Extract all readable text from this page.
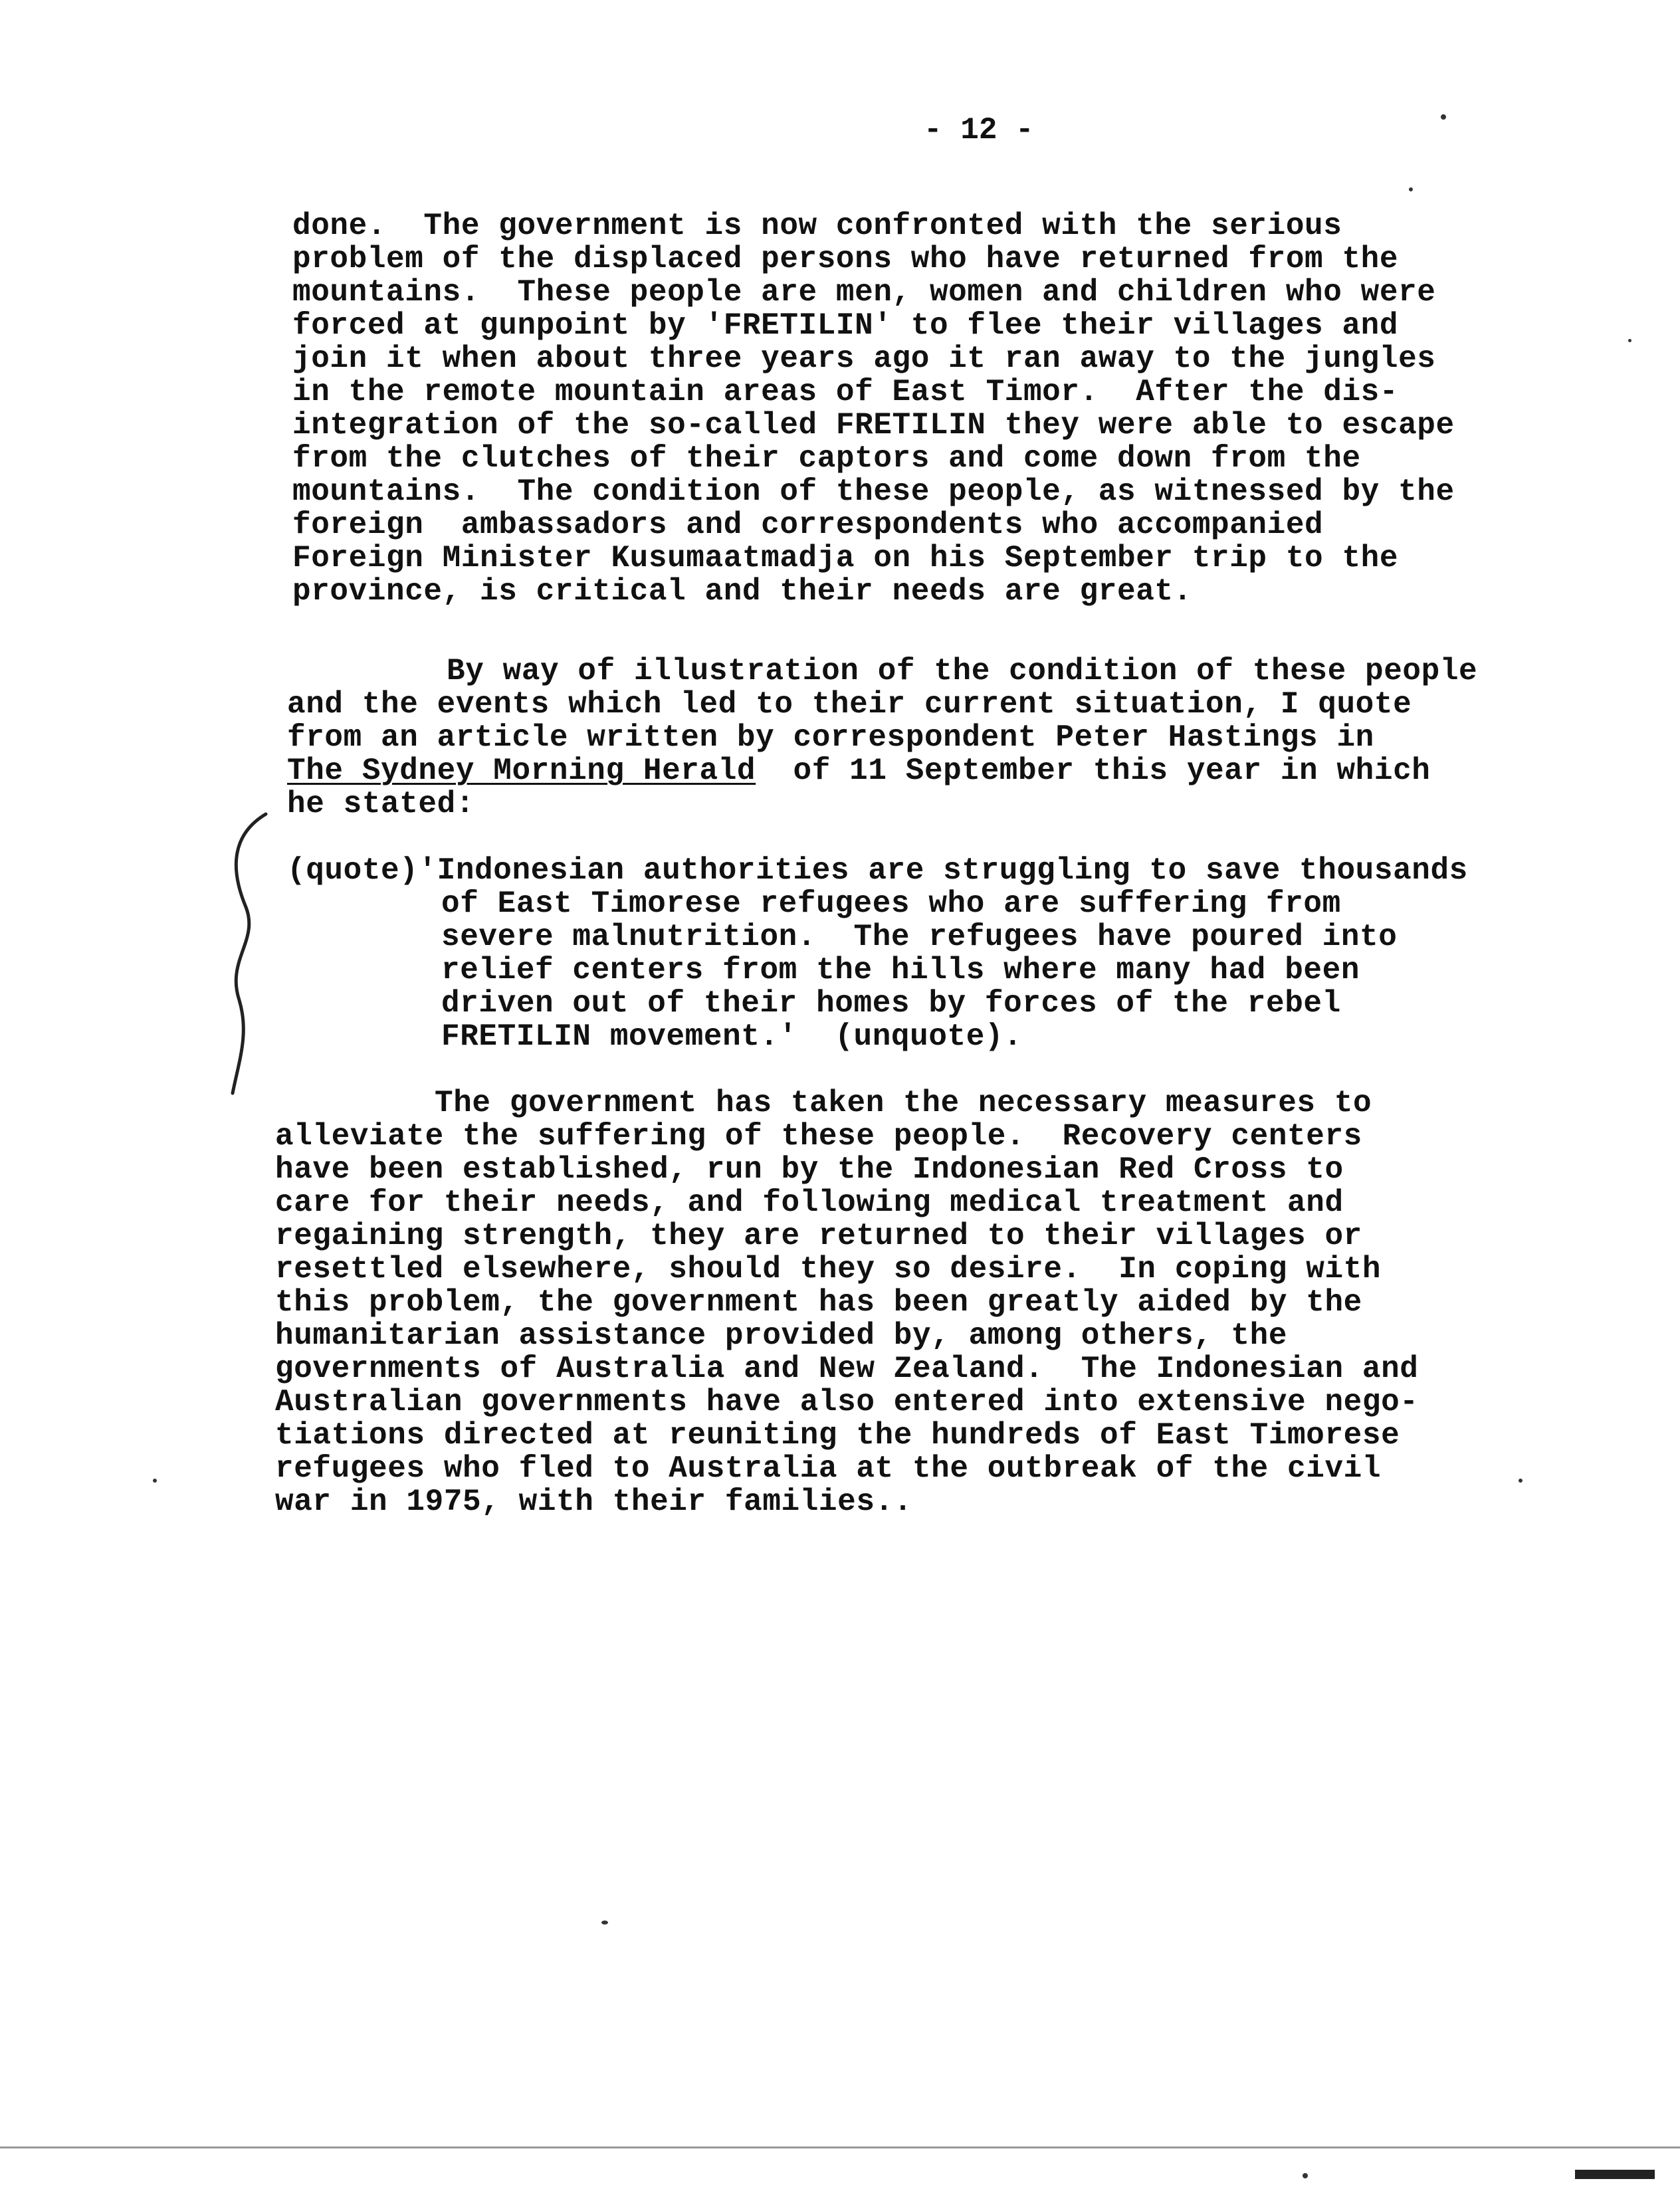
- 12 -
done.  The government is now confronted with the serious
problem of the displaced persons who have returned from the
mountains.  These people are men, women and children who were
forced at gunpoint by 'FRETILIN' to flee their villages and
join it when about three years ago it ran away to the jungles
in the remote mountain areas of East Timor.  After the dis-
integration of the so-called FRETILIN they were able to escape
from the clutches of their captors and come down from the
mountains.  The condition of these people, as witnessed by the
foreign  ambassadors and correspondents who accompanied
Foreign Minister Kusumaatmadja on his September trip to the
province, is critical and their needs are great.
By way of illustration of the condition of these people
and the events which led to their current situation, I quote
from an article written by correspondent Peter Hastings in
The Sydney Morning Herald  of 11 September this year in which
he stated:
(quote)'Indonesian authorities are struggling to save thousands
of East Timorese refugees who are suffering from
severe malnutrition.  The refugees have poured into
relief centers from the hills where many had been
driven out of their homes by forces of the rebel
FRETILIN movement.'  (unquote).
The government has taken the necessary measures to
alleviate the suffering of these people.  Recovery centers
have been established, run by the Indonesian Red Cross to
care for their needs, and following medical treatment and
regaining strength, they are returned to their villages or
resettled elsewhere, should they so desire.  In coping with
this problem, the government has been greatly aided by the
humanitarian assistance provided by, among others, the
governments of Australia and New Zealand.  The Indonesian and
Australian governments have also entered into extensive nego-
tiations directed at reuniting the hundreds of East Timorese
refugees who fled to Australia at the outbreak of the civil
war in 1975, with their families..
